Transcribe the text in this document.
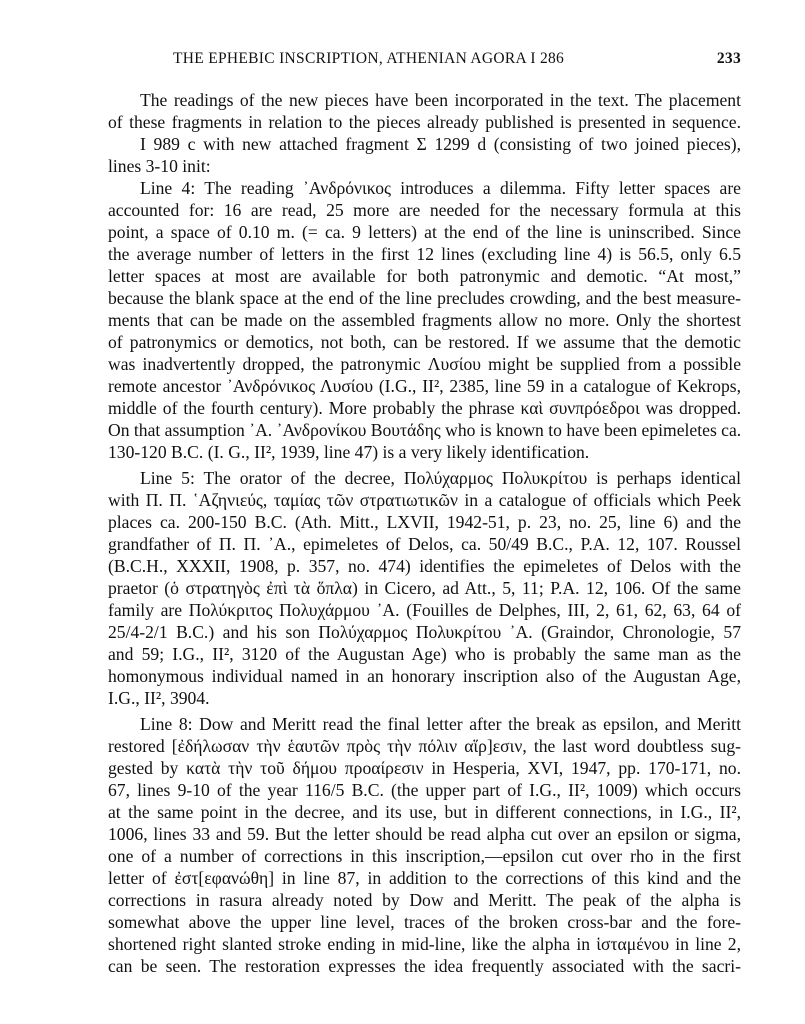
THE EPHEBIC INSCRIPTION, ATHENIAN AGORA I 286	233
The readings of the new pieces have been incorporated in the text. The placement
of these fragments in relation to the pieces already published is presented in sequence.
I 989 c with new attached fragment Σ 1299 d (consisting of two joined pieces),
lines 3-10 init:
Line 4: The reading ᾿Ανδρόνικος introduces a dilemma. Fifty letter spaces are
accounted for: 16 are read, 25 more are needed for the necessary formula at this
point, a space of 0.10 m. (= ca. 9 letters) at the end of the line is uninscribed. Since
the average number of letters in the first 12 lines (excluding line 4) is 56.5, only 6.5
letter spaces at most are available for both patronymic and demotic. “At most,”
because the blank space at the end of the line precludes crowding, and the best measure-
ments that can be made on the assembled fragments allow no more. Only the shortest
of patronymics or demotics, not both, can be restored. If we assume that the demotic
was inadvertently dropped, the patronymic Λυσίου might be supplied from a possible
remote ancestor ᾿Ανδρόνικος Λυσίου (I.G., II², 2385, line 59 in a catalogue of Kekrops,
middle of the fourth century). More probably the phrase καὶ συνπρόεδροι was dropped.
On that assumption ᾿Α. ᾿Ανδρονίκου Βουτάδης who is known to have been epimeletes ca.
130-120 B.C. (I. G., II², 1939, line 47) is a very likely identification.
Line 5: The orator of the decree, Πολύχαρμος Πολυκρίτου is perhaps identical
with Π. Π. ῾Αζηνιεύς, ταμίας τῶν στρατιωτικῶν in a catalogue of officials which Peek
places ca. 200-150 B.C. (Ath. Mitt., LXVII, 1942-51, p. 23, no. 25, line 6) and the
grandfather of Π. Π. ᾿Α., epimeletes of Delos, ca. 50/49 B.C., P.A. 12, 107. Roussel
(B.C.H., XXXII, 1908, p. 357, no. 474) identifies the epimeletes of Delos with the
praetor (ὁ στρατηγὸς ἐπὶ τὰ ὅπλα) in Cicero, ad Att., 5, 11; P.A. 12, 106. Of the same
family are Πολύκριτος Πολυχάρμου ᾿Α. (Fouilles de Delphes, III, 2, 61, 62, 63, 64 of
25/4-2/1 B.C.) and his son Πολύχαρμος Πολυκρίτου ᾿Α. (Graindor, Chronologie, 57
and 59; I.G., II², 3120 of the Augustan Age) who is probably the same man as the
homonymous individual named in an honorary inscription also of the Augustan Age,
I.G., II², 3904.
Line 8: Dow and Meritt read the final letter after the break as epsilon, and Meritt
restored [ἐδήλωσαν τὴν ἑαυτῶν πρὸς τὴν πόλιν αἵρ]εσιν, the last word doubtless sug-
gested by κατὰ τὴν τοῦ δήμου προαίρεσιν in Hesperia, XVI, 1947, pp. 170-171, no.
67, lines 9-10 of the year 116/5 B.C. (the upper part of I.G., II², 1009) which occurs
at the same point in the decree, and its use, but in different connections, in I.G., II²,
1006, lines 33 and 59. But the letter should be read alpha cut over an epsilon or sigma,
one of a number of corrections in this inscription,—epsilon cut over rho in the first
letter of ἐστ[εφανώθη] in line 87, in addition to the corrections of this kind and the
corrections in rasura already noted by Dow and Meritt. The peak of the alpha is
somewhat above the upper line level, traces of the broken cross-bar and the fore-
shortened right slanted stroke ending in mid-line, like the alpha in ἱσταμένου in line 2,
can be seen. The restoration expresses the idea frequently associated with the sacri-
